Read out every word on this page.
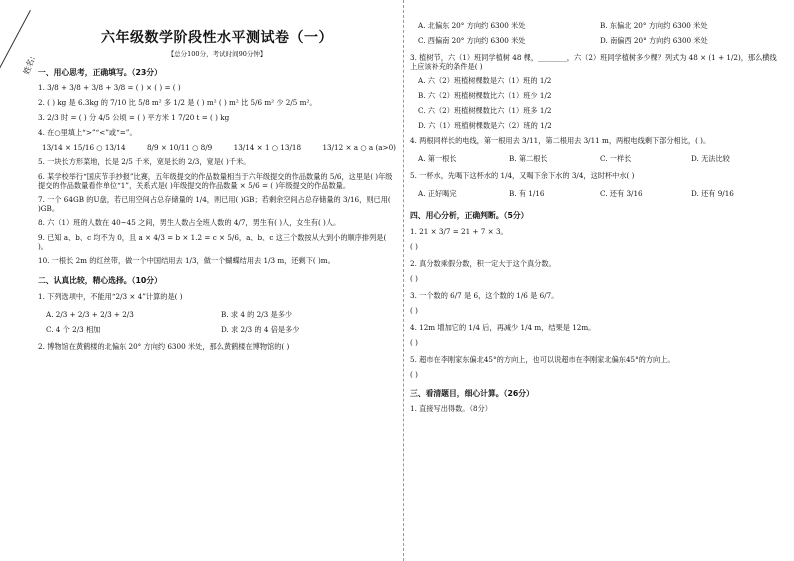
姓名:
六年级数学阶段性水平测试卷（一）
【总分100分，考试时间90分钟】
一、用心思考，正确填写。（23分）
1. 3/8 + 3/8 + 3/8 + 3/8 = ( ) × ( ) = ( )
2. ( ) kg 是 6.3kg 的 7/10 比 5/8 m² 多 1/2 是 ( ) m² ( ) m² 比 5/6 m² 少 2/5 m²。
3. 2/3 时 = ( ) 分 4/5 公顷 = ( ) 平方米 1 7/20 t = ( ) kg
4. 在○里填上“>”“<”或“=”。
13/14 × 15/16 ○ 13/14	8/9 × 10/11 ○ 8/9	13/14 × 1 ○ 13/18	13/12 × a ○ a (a>0)
5. 一块长方形菜地，长是 2/5 千米，宽是长的 2/3，宽是( )千米。
6. 某学校举行“国庆节手抄报”比赛，五年级提交的作品数量相当于六年级提交的作品数量的 5/6，这里是( )年级提交的作品数量看作单位“1”，关系式是( )年级提交的作品数量 × 5/6 = ( )年级提交的作品数量。
7. 一个 64GB 的U盘，若已用空间占总存储量的 1/4，则已用( )GB；若剩余空间占总存储量的 3/16，则已用( )GB。
8. 六（1）班的人数在 40~45 之间，男生人数占全班人数的 4/7，男生有( )人，女生有( )人。
9. 已知 a、b、c 均不为 0，且 a × 4/3 = b × 1.2 = c × 5/6，a、b、c 这三个数按从大到小的顺序排列是( )。
10. 一根长 2m 的红丝带，做一个中国结用去 1/3，做一个蝴蝶结用去 1/3 m，还剩下( )m。
二、认真比较，精心选择。（10分）
1. 下列选项中，不能用“2/3 × 4”计算的是( )
A. 2/3 + 2/3 + 2/3 + 2/3	B. 求 4 的 2/3 是多少
C. 4 个 2/3 相加	D. 求 2/3 的 4 倍是多少
2. 博物馆在黄鹤楼的北偏东 20° 方向约 6300 米处，那么黄鹤楼在博物馆的( )
A. 北偏东 20° 方向约 6300 米处	B. 东偏北 20° 方向约 6300 米处
C. 西偏南 20° 方向约 6300 米处	D. 南偏西 20° 方向约 6300 米处
3. 植树节，六（1）班同学植树 48 棵，________，六（2）班同学植树多少棵？列式为 48 × (1 + 1/2)，那么横线上应该补充的条件是( )
A. 六（2）班植树棵数是六（1）班的 1/2
B. 六（2）班植树棵数比六（1）班少 1/2
C. 六（2）班植树棵数比六（1）班多 1/2
D. 六（1）班植树棵数是六（2）班的 1/2
4. 两根同样长的电线，第一根用去 3/11，第二根用去 3/11 m，两根电线剩下部分相比，( )。
A. 第一根长	B. 第二根长	C. 一样长	D. 无法比较
5. 一杯水，先喝下这杯水的 1/4，又喝下余下水的 3/4，这时杯中水( )
A. 正好喝完	B. 有 1/16	C. 还有 3/16	D. 还有 9/16
四、用心分析，正确判断。（5分）
1. 21 × 3/7 = 21 + 7 × 3。
( )
2. 真分数乘假分数，积一定大于这个真分数。
( )
3. 一个数的 6/7 是 6，这个数的 1/6 是 6/7。
( )
4. 12m 增加它的 1/4 后，再减少 1/4 m，结果是 12m。
( )
5. 超市在李刚家东偏北45°的方向上，也可以说超市在李刚家北偏东45°的方向上。
( )
三、看清题目，细心计算。（26分）
1. 直接写出得数。（8分）
